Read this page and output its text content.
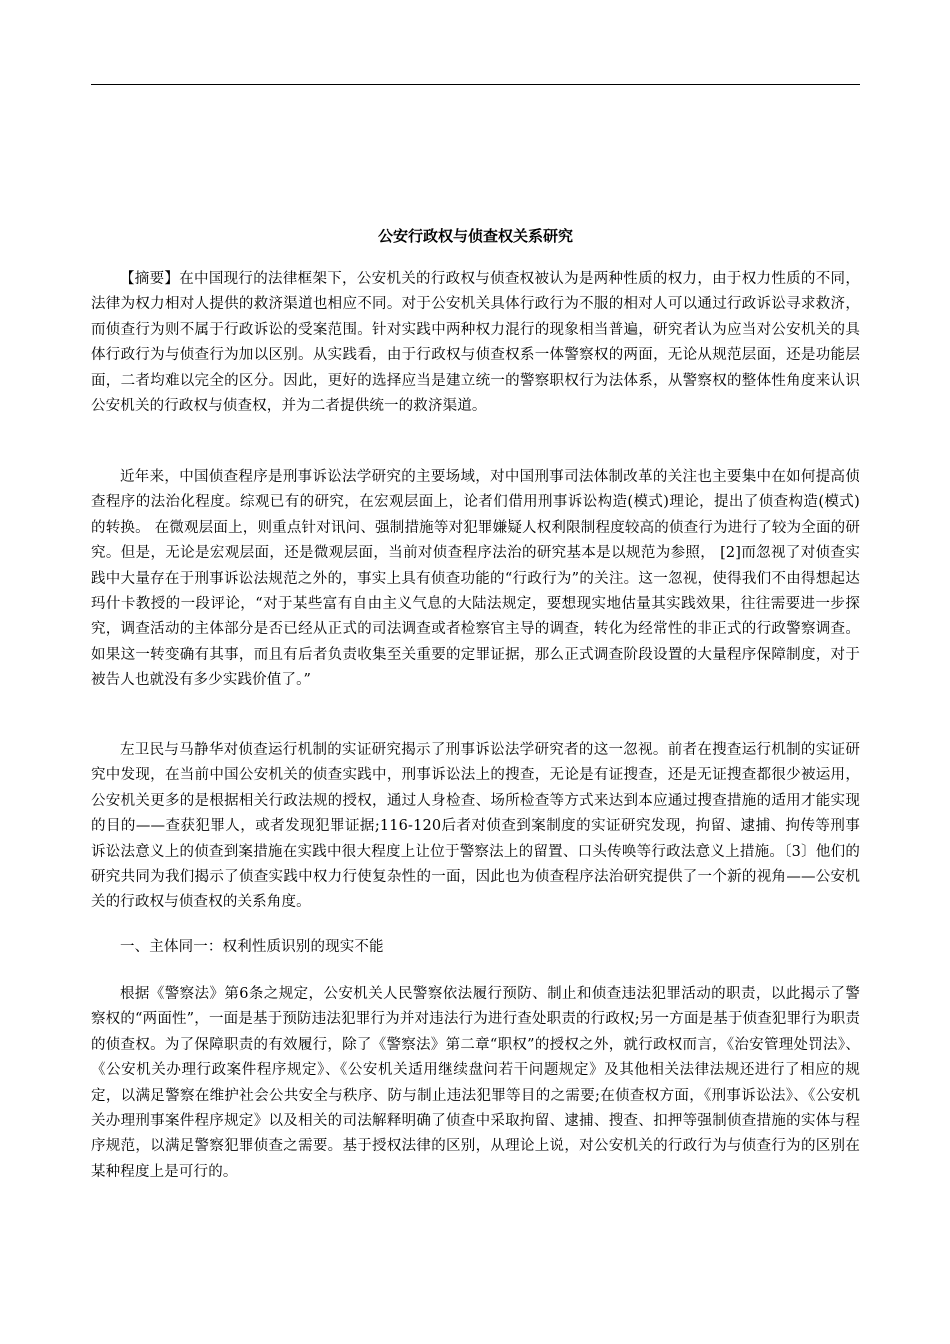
公安行政权与侦查权关系研究

【摘要】在中国现行的法律框架下，公安机关的行政权与侦查权被认为是两种性质的权力，由于权力性质的不同，法律为权力相对人提供的救济渠道也相应不同。对于公安机关具体行政行为不服的相对人可以通过行政诉讼寻求救济，而侦查行为则不属于行政诉讼的受案范围。针对实践中两种权力混行的现象相当普遍，研究者认为应当对公安机关的具体行政行为与侦查行为加以区别。从实践看，由于行政权与侦查权系一体警察权的两面，无论从规范层面，还是功能层面，二者均难以完全的区分。因此，更好的选择应当是建立统一的警察职权行为法体系，从警察权的整体性角度来认识公安机关的行政权与侦查权，并为二者提供统一的救济渠道。

近年来，中国侦查程序是刑事诉讼法学研究的主要场域，对中国刑事司法体制改革的关注也主要集中在如何提高侦查程序的法治化程度。综观已有的研究，在宏观层面上，论者们借用刑事诉讼构造(模式)理论，提出了侦查构造(模式)的转换。 在微观层面上，则重点针对讯问、强制措施等对犯罪嫌疑人权利限制程度较高的侦查行为进行了较为全面的研究。但是，无论是宏观层面，还是微观层面，当前对侦查程序法治的研究基本是以规范为参照， [2]而忽视了对侦查实践中大量存在于刑事诉讼法规范之外的，事实上具有侦查功能的“行政行为”的关注。这一忽视，使得我们不由得想起达玛什卡教授的一段评论，“对于某些富有自由主义气息的大陆法规定，要想现实地估量其实践效果，往往需要进一步探究，调查活动的主体部分是否已经从正式的司法调查或者检察官主导的调查，转化为经常性的非正式的行政警察调查。如果这一转变确有其事，而且有后者负责收集至关重要的定罪证据，那么正式调查阶段设置的大量程序保障制度，对于被告人也就没有多少实践价值了。”

左卫民与马静华对侦查运行机制的实证研究揭示了刑事诉讼法学研究者的这一忽视。前者在搜查运行机制的实证研究中发现，在当前中国公安机关的侦查实践中，刑事诉讼法上的搜查，无论是有证搜查，还是无证搜查都很少被运用，公安机关更多的是根据相关行政法规的授权，通过人身检查、场所检查等方式来达到本应通过搜查措施的适用才能实现的目的——查获犯罪人，或者发现犯罪证据;116-120后者对侦查到案制度的实证研究发现，拘留、逮捕、拘传等刑事诉讼法意义上的侦查到案措施在实践中很大程度上让位于警察法上的留置、口头传唤等行政法意义上措施。〔3〕他们的研究共同为我们揭示了侦查实践中权力行使复杂性的一面，因此也为侦查程序法治研究提供了一个新的视角——公安机关的行政权与侦查权的关系角度。

一、主体同一：权利性质识别的现实不能

根据《警察法》第6条之规定，公安机关人民警察依法履行预防、制止和侦查违法犯罪活动的职责，以此揭示了警察权的“两面性”，一面是基于预防违法犯罪行为并对违法行为进行查处职责的行政权;另一方面是基于侦查犯罪行为职责的侦查权。为了保障职责的有效履行，除了《警察法》第二章“职权”的授权之外，就行政权而言，《治安管理处罚法》、《公安机关办理行政案件程序规定》、《公安机关适用继续盘问若干问题规定》及其他相关法律法规还进行了相应的规定，以满足警察在维护社会公共安全与秩序、防与制止违法犯罪等目的之需要;在侦查权方面，《刑事诉讼法》、《公安机关办理刑事案件程序规定》以及相关的司法解释明确了侦查中采取拘留、逮捕、搜查、扣押等强制侦查措施的实体与程序规范，以满足警察犯罪侦查之需要。基于授权法律的区别，从理论上说，对公安机关的行政行为与侦查行为的区别在某种程度上是可行的。
